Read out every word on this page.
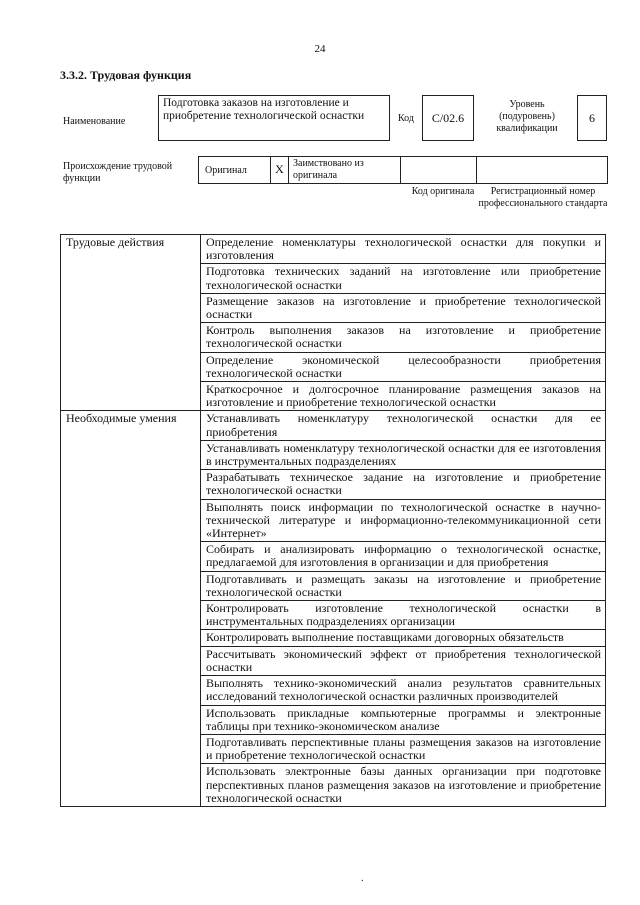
24
3.3.2. Трудовая функция
Наименование
Подготовка заказов на изготовление и приобретение технологической оснастки	Код	С/02.6
Уровень (подуровень) квалификации
6
Происхождение трудовой функции
Оригинал	X Заимствовано из оригинала
Код оригинала	Регистрационный номер профессионального стандарта
Трудовые действия	Определение номенклатуры технологической оснастки для покупки и изготовления
	Подготовка технических заданий на изготовление или приобретение технологической оснастки
	Размещение заказов на изготовление и приобретение технологической оснастки
	Контроль выполнения заказов на изготовление и приобретение технологической оснастки
	Определение экономической целесообразности приобретения технологической оснастки
	Краткосрочное и долгосрочное планирование размещения заказов на изготовление и приобретение технологической оснастки
Необходимые умения	Устанавливать номенклатуру технологической оснастки для ее приобретения
	Устанавливать номенклатуру технологической оснастки для ее изготовления в инструментальных подразделениях
	Разрабатывать техническое задание на изготовление и приобретение технологической оснастки
	Выполнять поиск информации по технологической оснастке в научно-технической литературе и информационно-телекоммуникационной сети «Интернет»
	Собирать и анализировать информацию о технологической оснастке, предлагаемой для изготовления в организации и для приобретения
	Подготавливать и размещать заказы на изготовление и приобретение технологической оснастки
	Контролировать изготовление технологической оснастки в инструментальных подразделениях организации
	Контролировать выполнение поставщиками договорных обязательств
	Рассчитывать экономический эффект от приобретения технологической оснастки
	Выполнять технико-экономический анализ результатов сравнительных исследований технологической оснастки различных производителей
	Использовать прикладные компьютерные программы и электронные таблицы при технико-экономическом анализе
	Подготавливать перспективные планы размещения заказов на изготовление и приобретение технологической оснастки
	Использовать электронные базы данных организации при подготовке перспективных планов размещения заказов на изготовление и приобретение технологической оснастки
.
